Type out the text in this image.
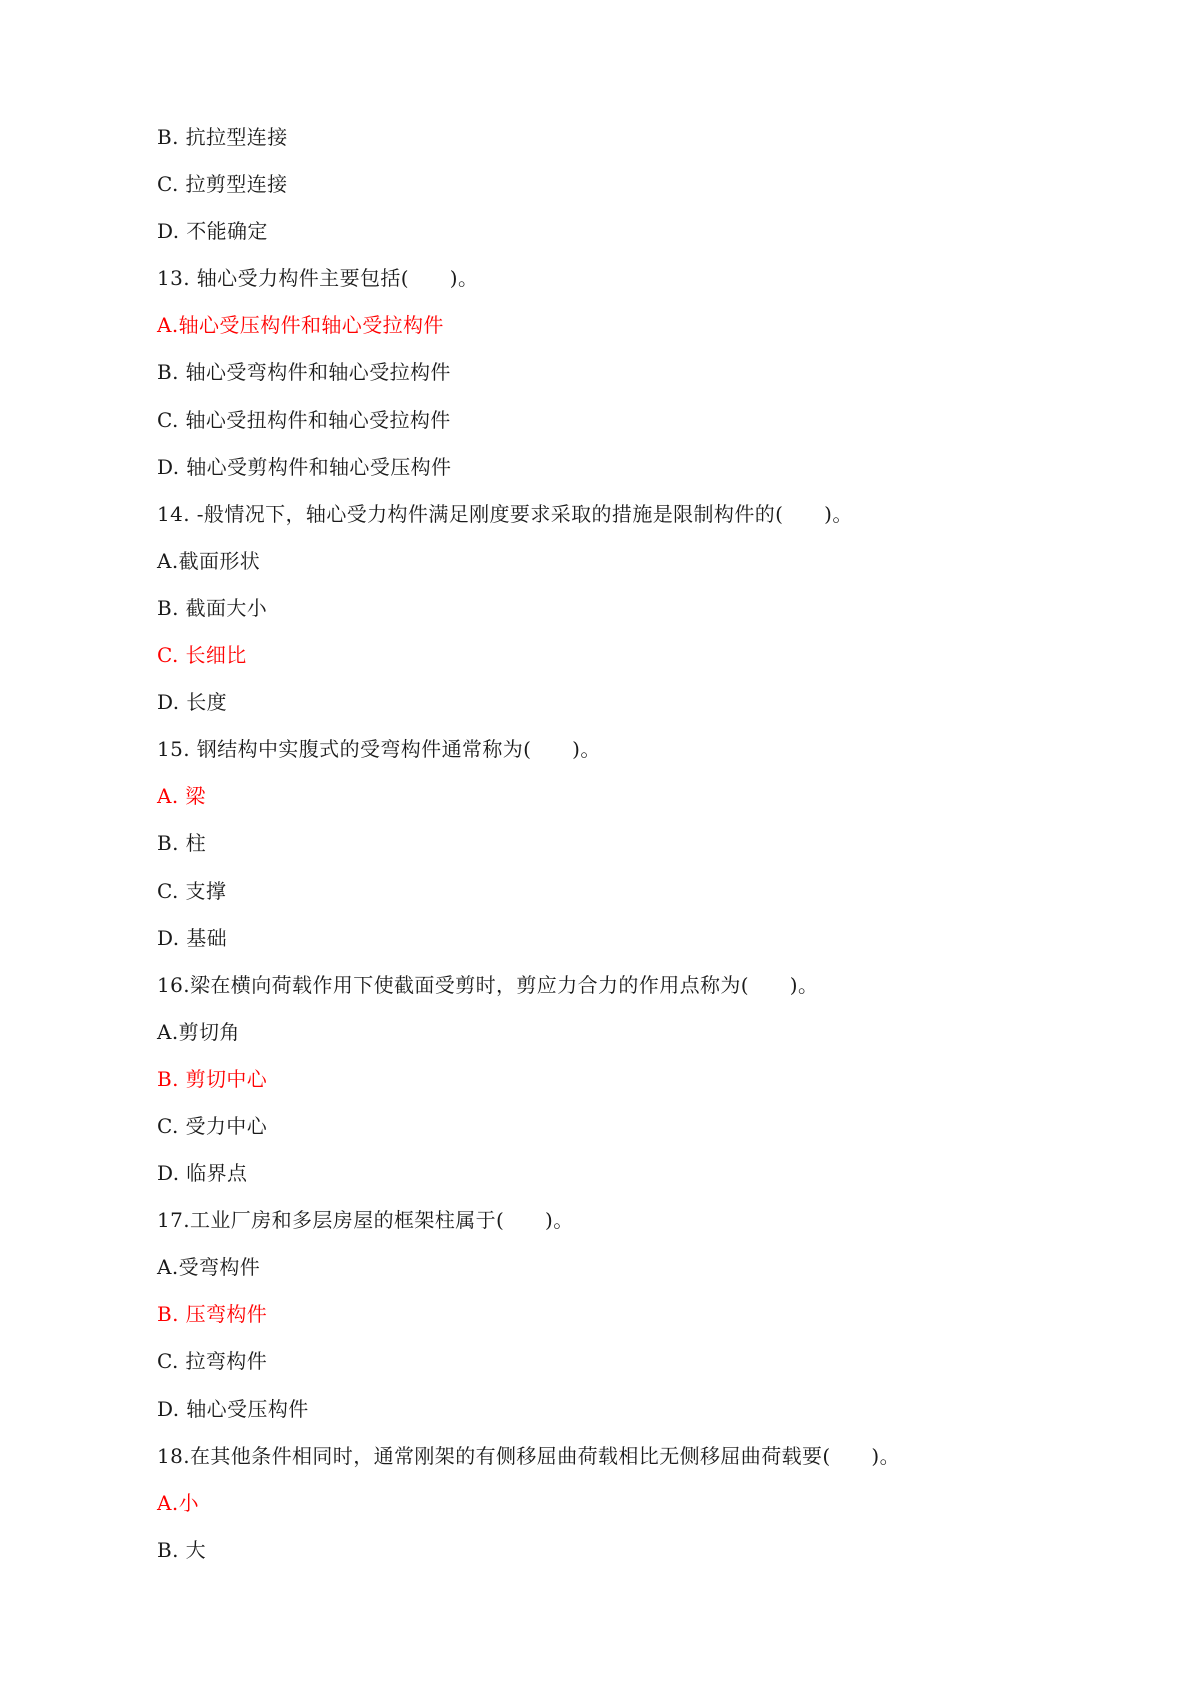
B. 抗拉型连接
C. 拉剪型连接
D. 不能确定
13. 轴心受力构件主要包括(　　)。
A.轴心受压构件和轴心受拉构件
B. 轴心受弯构件和轴心受拉构件
C. 轴心受扭构件和轴心受拉构件
D. 轴心受剪构件和轴心受压构件
14. -般情况下，轴心受力构件满足刚度要求采取的措施是限制构件的(　　)。
A.截面形状
B. 截面大小
C. 长细比
D. 长度
15. 钢结构中实腹式的受弯构件通常称为(　　)。
A. 梁
B. 柱
C. 支撑
D. 基础
16.梁在横向荷载作用下使截面受剪时，剪应力合力的作用点称为(　　)。
A.剪切角
B. 剪切中心
C. 受力中心
D. 临界点
17.工业厂房和多层房屋的框架柱属于(　　)。
A.受弯构件
B. 压弯构件
C. 拉弯构件
D. 轴心受压构件
18.在其他条件相同时，通常刚架的有侧移屈曲荷载相比无侧移屈曲荷载要(　　)。
A.小
B. 大
